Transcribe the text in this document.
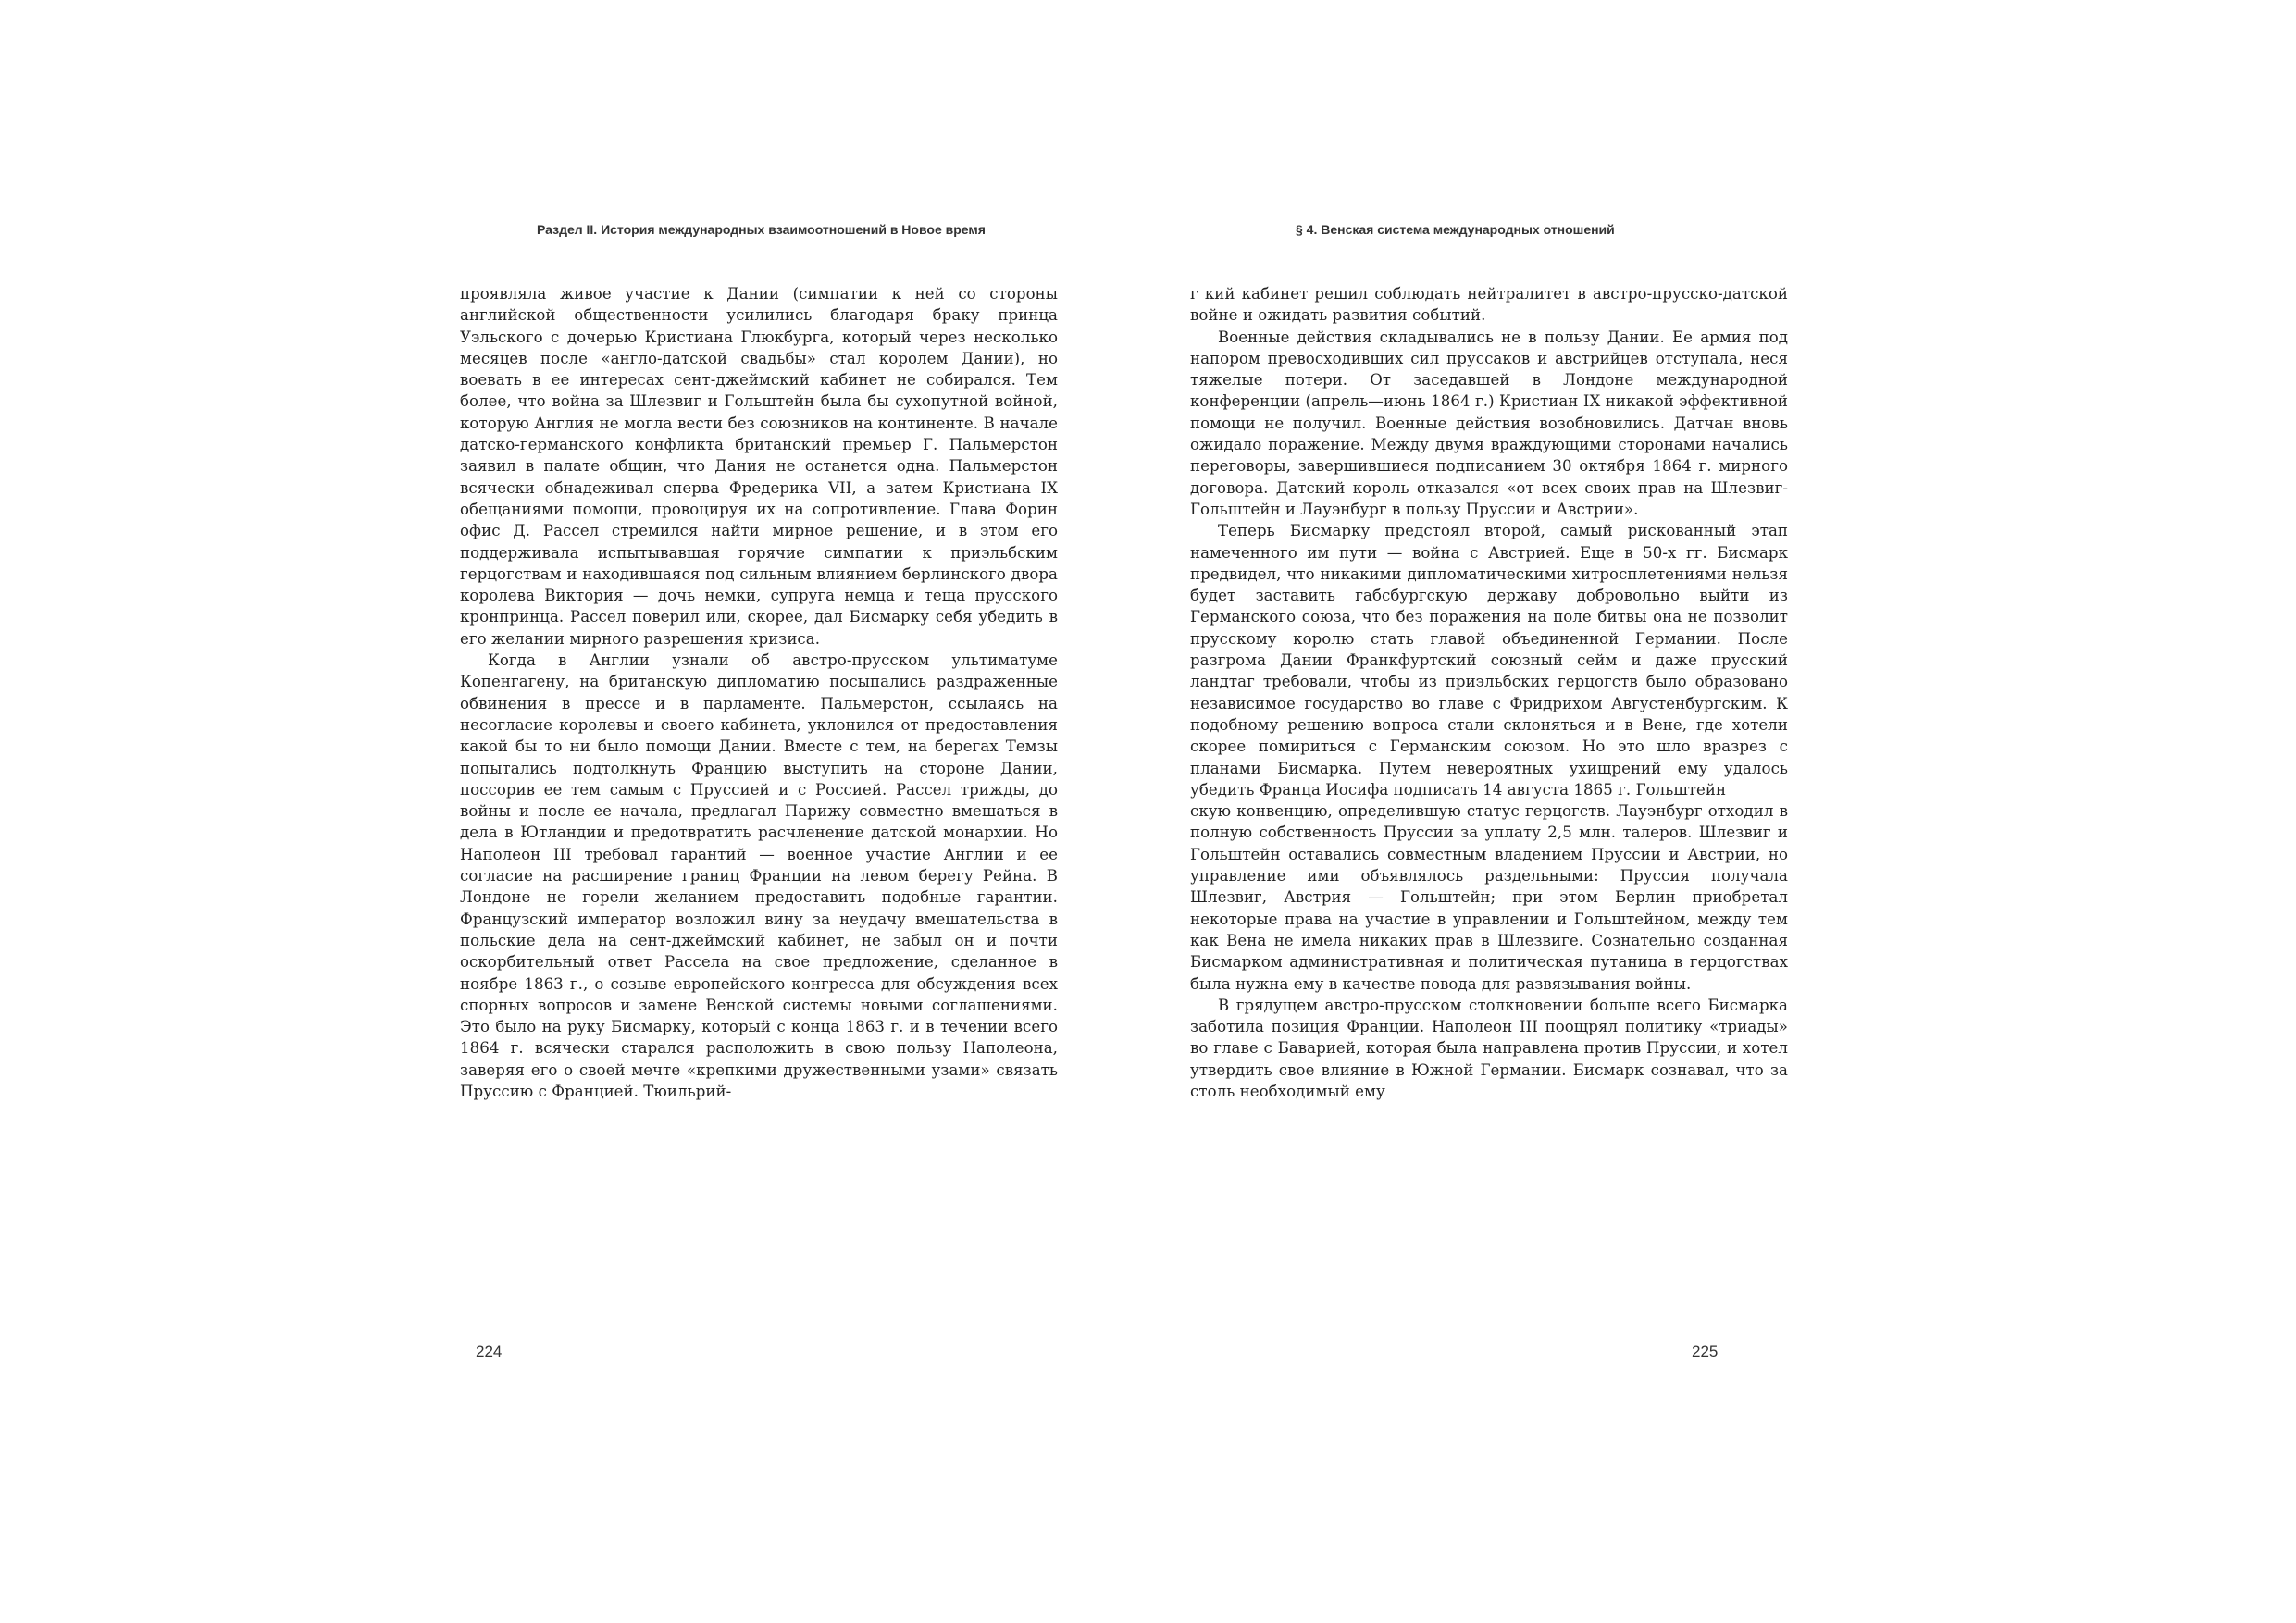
Раздел II. История международных взаимоотношений в Новое время

проявляла живое участие к Дании (симпатии к ней со стороны английской общественности усилились благодаря браку принца Уэльского с дочерью Кристиана Глюкбурга, который через несколько месяцев после «англо-датской свадьбы» стал королем Дании), но воевать в ее интересах сент-джеймский кабинет не собирался. Тем более, что война за Шлезвиг и Гольштейн была бы сухопутной войной, которую Англия не могла вести без союзников на континенте. В начале датско-германского конфликта британский премьер Г. Пальмерстон заявил в палате общин, что Дания не останется одна. Пальмерстон всячески обнадеживал сперва Фредерика VII, а затем Кристиана IX обещаниями помощи, провоцируя их на сопротивление. Глава Форин офис Д. Рассел стремился найти мирное решение, и в этом его поддерживала испытывавшая горячие симпатии к приэльбским герцогствам и находившаяся под сильным влиянием берлинского двора королева Виктория — дочь немки, супруга немца и теща прусского кронпринца. Рассел поверил или, скорее, дал Бисмарку себя убедить в его желании мирного разрешения кризиса.

Когда в Англии узнали об австро-прусском ультиматуме Копенгагену, на британскую дипломатию посыпались раздраженные обвинения в прессе и в парламенте. Пальмерстон, ссылаясь на несогласие королевы и своего кабинета, уклонился от предоставления какой бы то ни было помощи Дании. Вместе с тем, на берегах Темзы попытались подтолкнуть Францию выступить на стороне Дании, поссорив ее тем самым с Пруссией и с Россией. Рассел трижды, до войны и после ее начала, предлагал Парижу совместно вмешаться в дела в Ютландии и предотвратить расчленение датской монархии. Но Наполеон III требовал гарантий — военное участие Англии и ее согласие на расширение границ Франции на левом берегу Рейна. В Лондоне не горели желанием предоставить подобные гарантии. Французский император возложил вину за неудачу вмешательства в польские дела на сент-джеймский кабинет, не забыл он и почти оскорбительный ответ Рассела на свое предложение, сделанное в ноябре 1863 г., о созыве европейского конгресса для обсуждения всех спорных вопросов и замене Венской системы новыми соглашениями. Это было на руку Бисмарку, который с конца 1863 г. и в течении всего 1864 г. всячески старался расположить в свою пользу Наполеона, заверяя его о своей мечте «крепкими дружественными узами» связать Пруссию с Францией. Тюильрий-

224
§ 4. Венская система международных отношений

г кий кабинет решил соблюдать нейтралитет в австро-прусско-датской войне и ожидать развития событий.

Военные действия складывались не в пользу Дании. Ее армия под напором превосходивших сил пруссаков и австрийцев отступала, неся тяжелые потери. От заседавшей в Лондоне международной конференции (апрель—июнь 1864 г.) Кристиан IX никакой эффективной помощи не получил. Военные действия возобновились. Датчан вновь ожидало поражение. Между двумя враждующими сторонами начались переговоры, завершившиеся подписанием 30 октября 1864 г. мирного договора. Датский король отказался «от всех своих прав на Шлезвиг-Гольштейн и Лауэнбург в пользу Пруссии и Австрии».

Теперь Бисмарку предстоял второй, самый рискованный этап намеченного им пути — война с Австрией. Еще в 50-х гг. Бисмарк предвидел, что никакими дипломатическими хитросплетениями нельзя будет заставить габсбургскую державу добровольно выйти из Германского союза, что без поражения на поле битвы она не позволит прусскому королю стать главой объединенной Германии. После разгрома Дании Франкфуртский союзный сейм и даже прусский ландтаг требовали, чтобы из приэльбских герцогств было образовано независимое государство во главе с Фридрихом Августенбургским. К подобному решению вопроса стали склоняться и в Вене, где хотели скорее помириться с Германским союзом. Но это шло вразрез с планами Бисмарка. Путем невероятных ухищрений ему удалось убедить Франца Иосифа подписать 14 августа 1865 г. Гольштейн

скую конвенцию, определившую статус герцогств. Лауэнбург отходил в полную собственность Пруссии за уплату 2,5 млн. талеров. Шлезвиг и Гольштейн оставались совместным владением Пруссии и Австрии, но управление ими объявлялось раздельными: Пруссия получала Шлезвиг, Австрия — Гольштейн; при этом Берлин приобретал некоторые права на участие в управлении и Гольштейном, между тем как Вена не имела никаких прав в Шлезвиге. Сознательно созданная Бисмарком административная и политическая путаница в герцогствах была нужна ему в качестве повода для развязывания войны.

В грядущем австро-прусском столкновении больше всего Бисмарка заботила позиция Франции. Наполеон III поощрял политику «триады» во главе с Баварией, которая была направлена против Пруссии, и хотел утвердить свое влияние в Южной Германии. Бисмарк сознавал, что за столь необходимый ему

225
